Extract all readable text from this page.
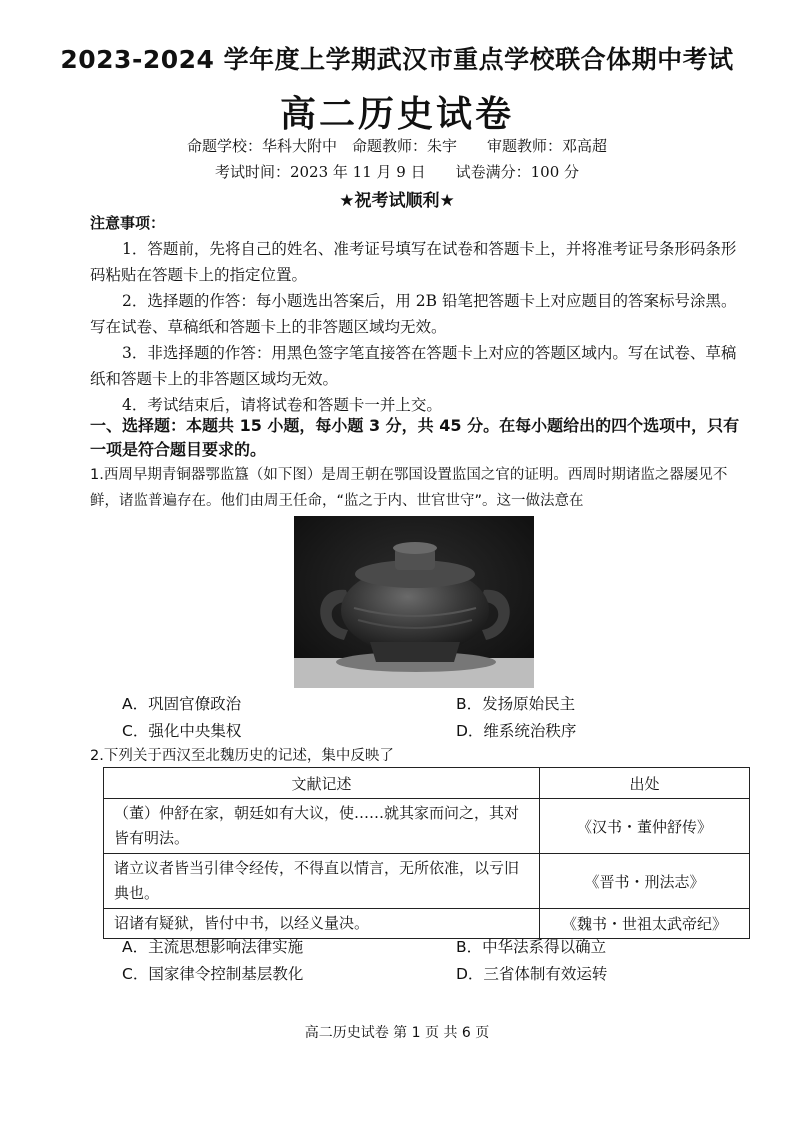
2023-2024 学年度上学期武汉市重点学校联合体期中考试
高二历史试卷
命题学校：华科大附中　命题教师：朱宇　　审题教师：邓高超
考试时间：2023 年 11 月 9 日　　试卷满分：100 分
★祝考试顺利★
注意事项：
1．答题前，先将自己的姓名、准考证号填写在试卷和答题卡上，并将准考证号条形码条形码粘贴在答题卡上的指定位置。
2．选择题的作答：每小题选出答案后，用 2B 铅笔把答题卡上对应题目的答案标号涂黑。写在试卷、草稿纸和答题卡上的非答题区域均无效。
3．非选择题的作答：用黑色签字笔直接答在答题卡上对应的答题区域内。写在试卷、草稿纸和答题卡上的非答题区域均无效。
4．考试结束后，请将试卷和答题卡一并上交。
一、选择题：本题共 15 小题，每小题 3 分，共 45 分。在每小题给出的四个选项中，只有一项是符合题目要求的。
1.西周早期青铜器鄂监簋（如下图）是周王朝在鄂国设置监国之官的证明。西周时期诸监之器屡见不鲜，诸监普遍存在。他们由周王任命，“监之于内、世官世守”。这一做法意在
A．巩固官僚政治	B．发扬原始民主
C．强化中央集权	D．维系统治秩序
2.下列关于西汉至北魏历史的记述，集中反映了
文献记述	出处
（董）仲舒在家，朝廷如有大议，使……就其家而问之，其对皆有明法。	《汉书・董仲舒传》
诸立议者皆当引律令经传，不得直以情言，无所依准，以亏旧典也。	《晋书・刑法志》
诏诸有疑狱，皆付中书，以经义量决。	《魏书・世祖太武帝纪》
A．主流思想影响法律实施	B．中华法系得以确立
C．国家律令控制基层教化	D．三省体制有效运转
高二历史试卷 第 1 页 共 6 页
